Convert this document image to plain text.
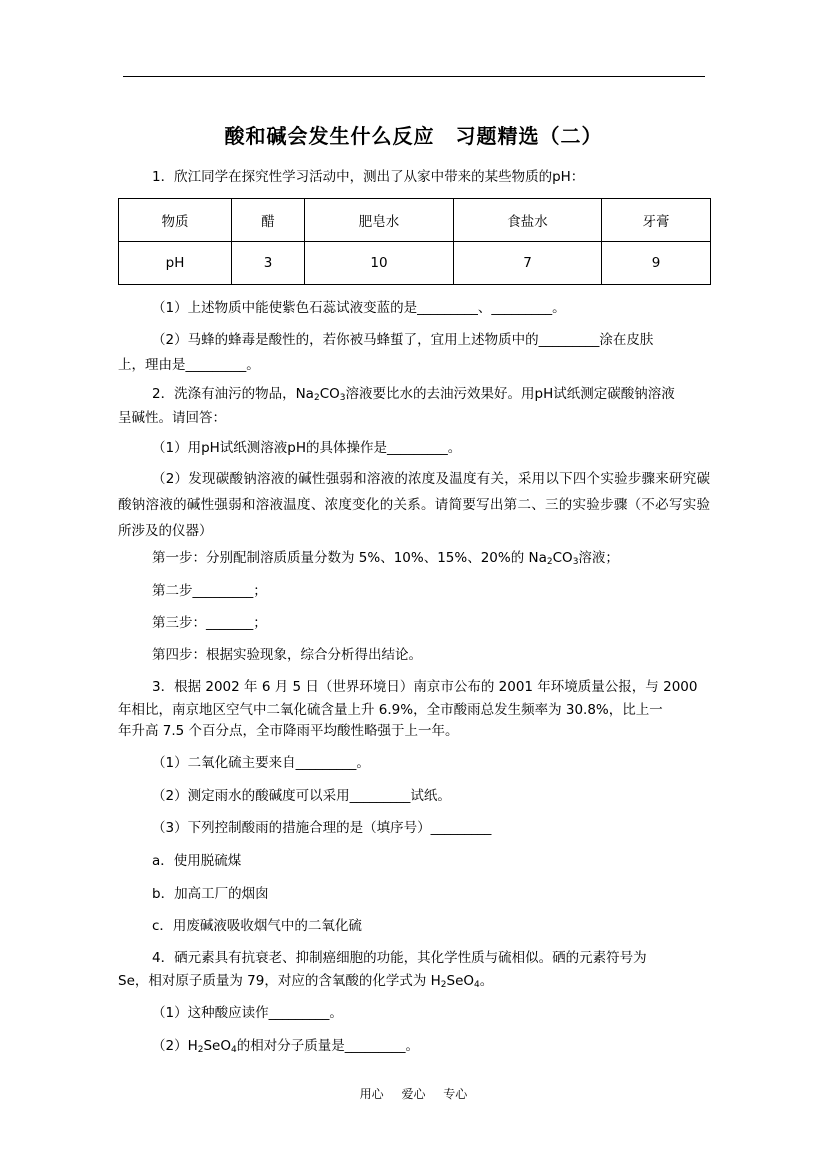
酸和碱会发生什么反应　习题精选（二）
1．欣江同学在探究性学习活动中，测出了从家中带来的某些物质的pH：
物质	醋	肥皂水	食盐水	牙膏
pH	3	10	7	9
（1）上述物质中能使紫色石蕊试液变蓝的是_________、_________。
（2）马蜂的蜂毒是酸性的，若你被马蜂蜇了，宜用上述物质中的_________涂在皮肤
上，理由是_________。
2．洗涤有油污的物品，$Na_2CO_3$溶液要比水的去油污效果好。用pH试纸测定碳酸钠溶液
呈碱性。请回答：
（1）用pH试纸测溶液pH的具体操作是_________。
（2）发现碳酸钠溶液的碱性强弱和溶液的浓度及温度有关，采用以下四个实验步骤来研究碳酸钠溶液的碱性强弱和溶液温度、浓度变化的关系。请简要写出第二、三的实验步骤（不必写实验所涉及的仪器）
第一步：分别配制溶质质量分数为 5%、10%、15%、20%的 $Na_2CO_3$溶液；
第二步_________；
第三步：_______；
第四步：根据实验现象，综合分析得出结论。
3．根据 2002 年 6 月 5 日（世界环境日）南京市公布的 2001 年环境质量公报，与 2000
年相比，南京地区空气中二氧化硫含量上升 6.9%，全市酸雨总发生频率为 30.8%，比上一
年升高 7.5 个百分点，全市降雨平均酸性略强于上一年。
（1）二氧化硫主要来自_________。
（2）测定雨水的酸碱度可以采用_________试纸。
（3）下列控制酸雨的措施合理的是（填序号）_________
a．使用脱硫煤
b．加高工厂的烟囱
c．用废碱液吸收烟气中的二氧化硫
4．硒元素具有抗衰老、抑制癌细胞的功能，其化学性质与硫相似。硒的元素符号为
Se，相对原子质量为 79，对应的含氧酸的化学式为 $H_2SeO_4$。
（1）这种酸应读作_________。
$(2)H_2SeO_4$的相对分子质量是_________。
用心 爱心 专心
